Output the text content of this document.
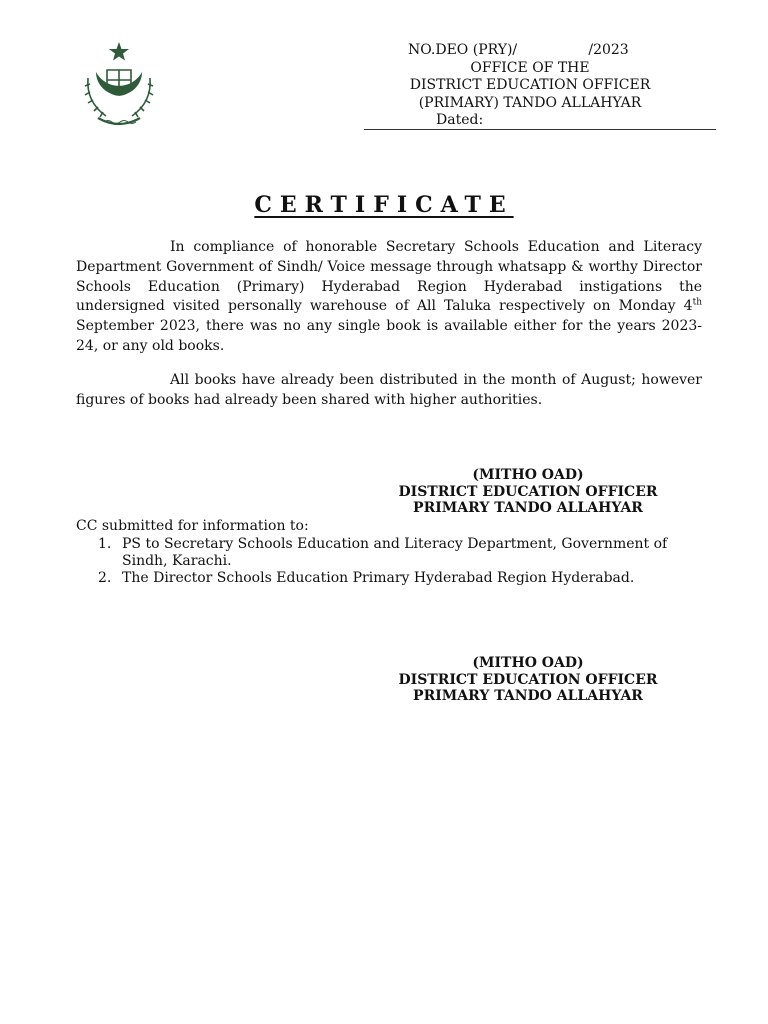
NO.DEO (PRY)/                /2023
OFFICE OF THE
DISTRICT EDUCATION OFFICER
(PRIMARY) TANDO ALLAHYAR
Dated:
CERTIFICATE
In compliance of honorable Secretary Schools Education and Literacy Department Government of Sindh/ Voice message through whatsapp & worthy Director Schools Education (Primary) Hyderabad Region Hyderabad instigations the undersigned visited personally warehouse of All Taluka respectively on Monday 4th September 2023, there was no any single book is available either for the years 2023- 24, or any old books.
All books have already been distributed in the month of August; however figures of books had already been shared with higher authorities.
(MITHO OAD)
DISTRICT EDUCATION OFFICER
PRIMARY TANDO ALLAHYAR
CC submitted for information to:
1. PS to Secretary Schools Education and Literacy Department, Government of Sindh, Karachi.
2. The Director Schools Education Primary Hyderabad Region Hyderabad.
(MITHO OAD)
DISTRICT EDUCATION OFFICER
PRIMARY TANDO ALLAHYAR
